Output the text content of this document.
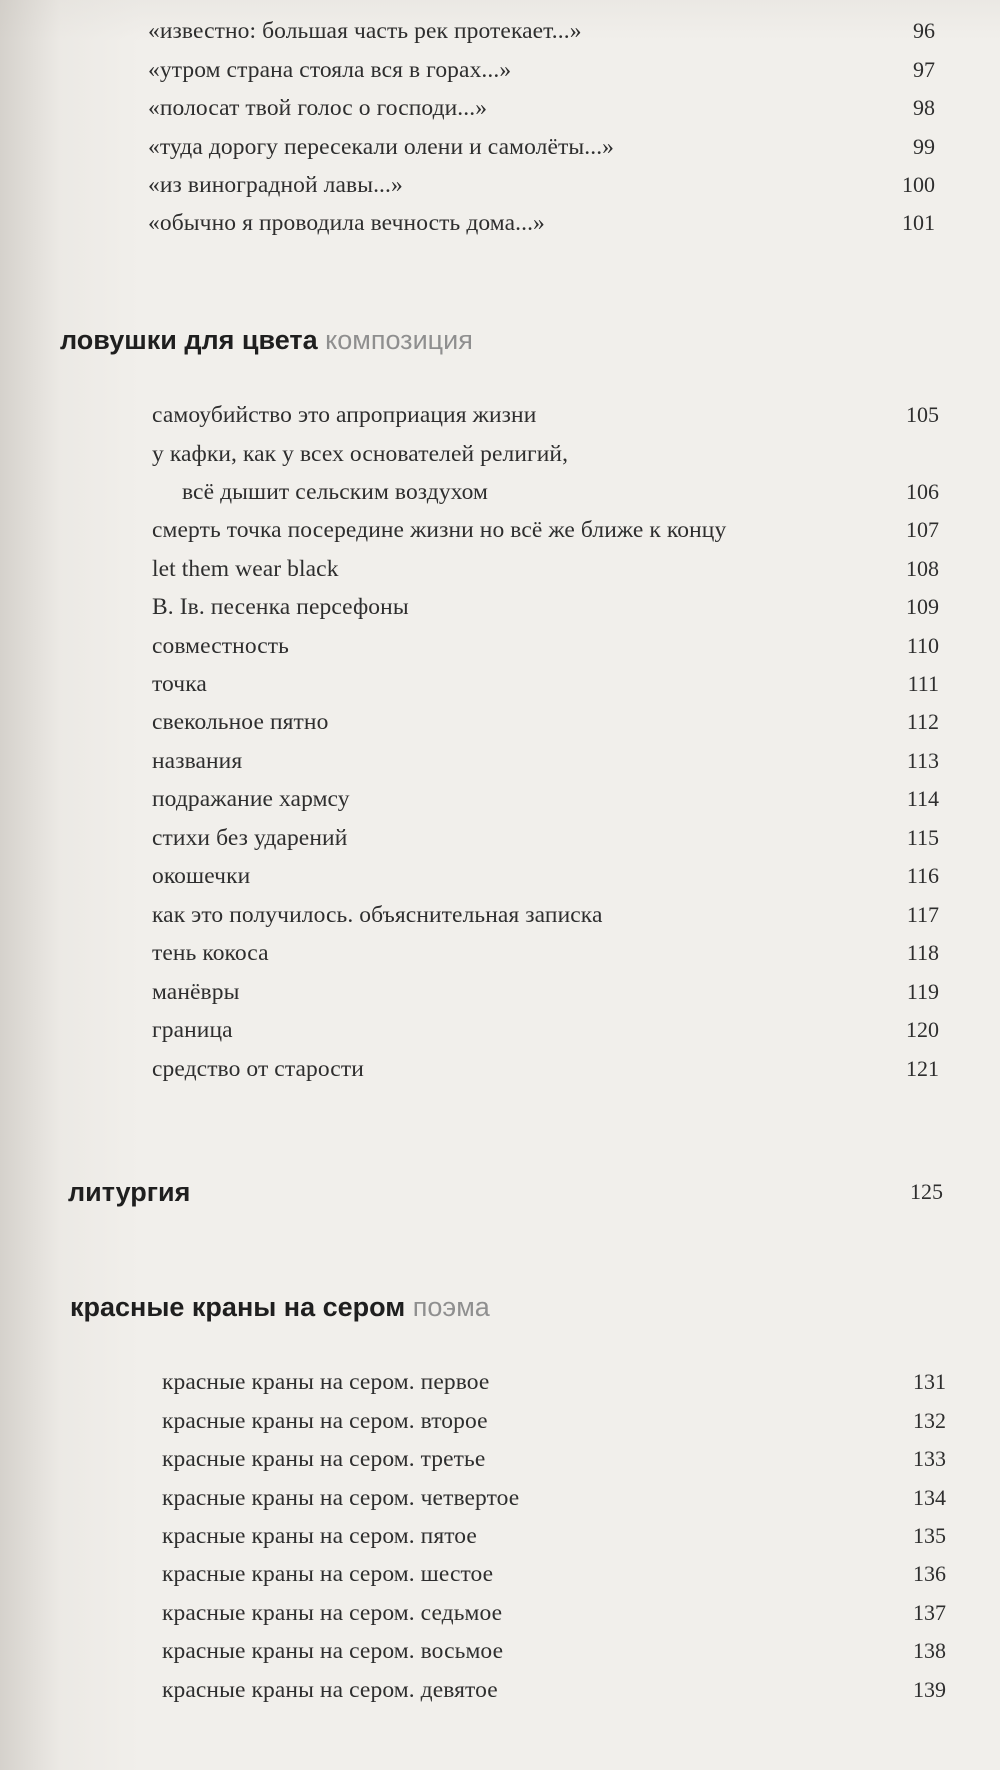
«известно: большая часть рек протекает...»	96
«утром страна стояла вся в горах...»	97
«полосат твой голос о господи...»	98
«туда дорогу пересекали олени и самолёты...»	99
«из виноградной лавы...»	100
«обычно я проводила вечность дома...»	101
ловушки для цвета композиция
самоубийство это апроприация жизни	105
у кафки, как у всех основателей религий,
всё дышит сельским воздухом	106
смерть точка посередине жизни но всё же ближе к концу	107
let them wear black	108
В. Iв. песенка персефоны	109
совместность	110
точка	111
свекольное пятно	112
названия	113
подражание хармсу	114
стихи без ударений	115
окошечки	116
как это получилось. объяснительная записка	117
тень кокоса	118
манёвры	119
граница	120
средство от старости	121
литургия	125
красные краны на сером поэма
красные краны на сером. первое	131
красные краны на сером. второе	132
красные краны на сером. третье	133
красные краны на сером. четвертое	134
красные краны на сером. пятое	135
красные краны на сером. шестое	136
красные краны на сером. седьмое	137
красные краны на сером. восьмое	138
красные краны на сером. девятое	139
